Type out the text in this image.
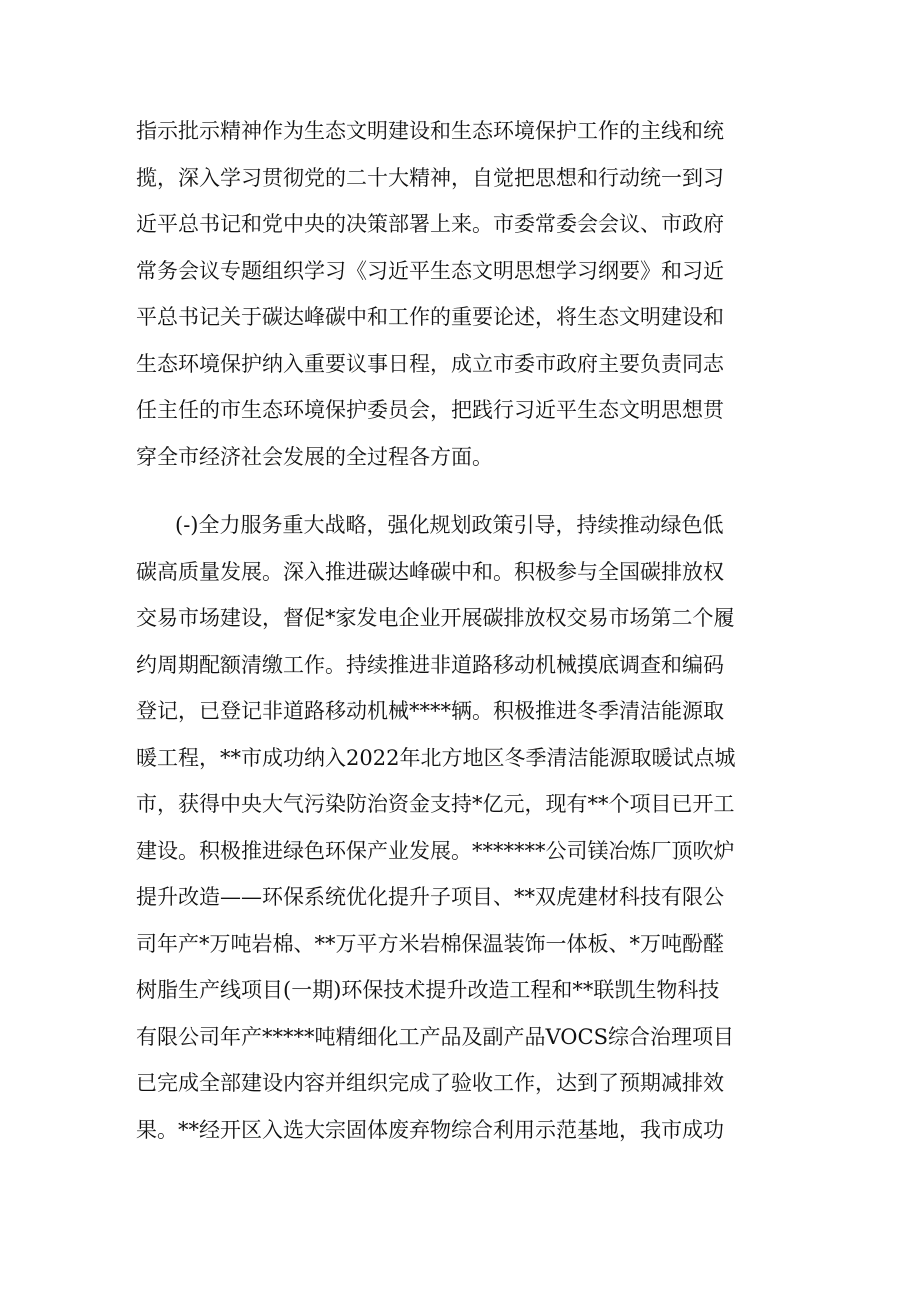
指示批示精神作为生态文明建设和生态环境保护工作的主线和统
揽，深入学习贯彻党的二十大精神，自觉把思想和行动统一到习
近平总书记和党中央的决策部署上来。市委常委会会议、市政府
常务会议专题组织学习《习近平生态文明思想学习纲要》和习近
平总书记关于碳达峰碳中和工作的重要论述，将生态文明建设和
生态环境保护纳入重要议事日程，成立市委市政府主要负责同志
任主任的市生态环境保护委员会，把践行习近平生态文明思想贯
穿全市经济社会发展的全过程各方面。
(-)全力服务重大战略，强化规划政策引导，持续推动绿色低
碳高质量发展。深入推进碳达峰碳中和。积极参与全国碳排放权
交易市场建设，督促*家发电企业开展碳排放权交易市场第二个履
约周期配额清缴工作。持续推进非道路移动机械摸底调查和编码
登记，已登记非道路移动机械****辆。积极推进冬季清洁能源取
暖工程，**市成功纳入2022年北方地区冬季清洁能源取暖试点城
市，获得中央大气污染防治资金支持*亿元，现有**个项目已开工
建设。积极推进绿色环保产业发展。*******公司镁冶炼厂顶吹炉
提升改造——环保系统优化提升子项目、**双虎建材科技有限公
司年产*万吨岩棉、**万平方米岩棉保温装饰一体板、*万吨酚醛
树脂生产线项目(一期)环保技术提升改造工程和**联凯生物科技
有限公司年产*****吨精细化工产品及副产品VOCS综合治理项目
已完成全部建设内容并组织完成了验收工作，达到了预期减排效
果。**经开区入选大宗固体废弃物综合利用示范基地，我市成功
